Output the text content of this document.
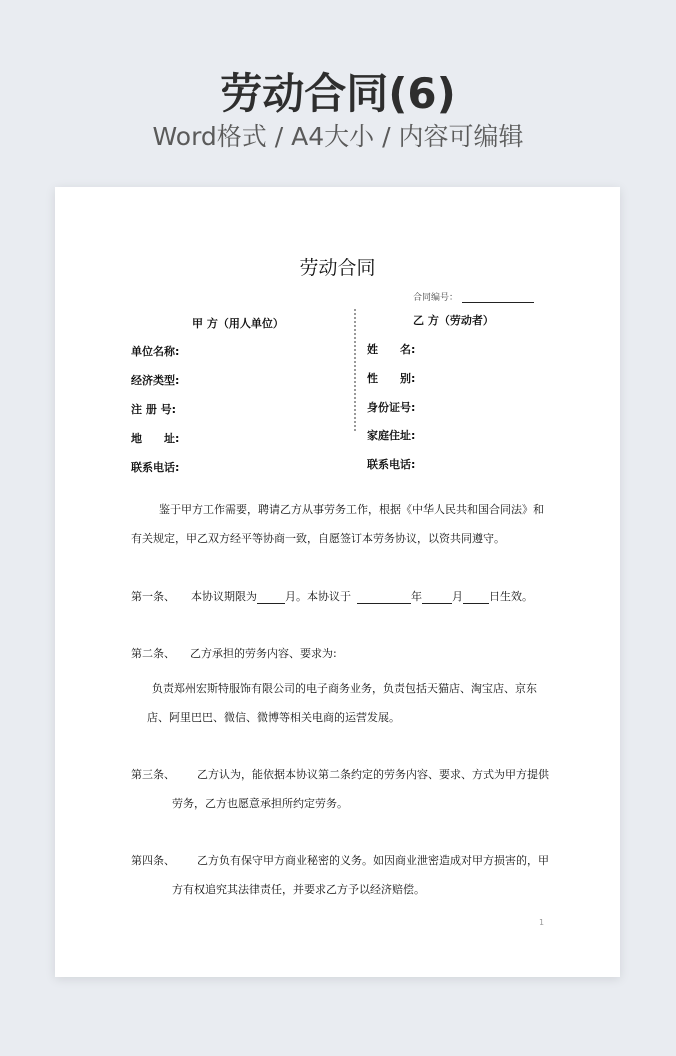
劳动合同(6)
Word格式 / A4大小 / 内容可编辑
劳动合同
合同编号：
甲 方（用人单位）
单位名称:
经济类型:
注 册 号:
地　　址:
联系电话:
乙 方（劳动者）
姓　　名:
性　　别:
身份证号:
家庭住址:
联系电话:
鉴于甲方工作需要，聘请乙方从事劳务工作，根据《中华人民共和国合同法》和
有关规定，甲乙双方经平等协商一致，自愿签订本劳务协议，以资共同遵守。
第一条、 本协议期限为	月。本协议于	年	月 日生效。
第二条、 乙方承担的劳务内容、要求为:
负责郑州宏斯特服饰有限公司的电子商务业务，负责包括天猫店、淘宝店、京东
店、阿里巴巴、微信、微博等相关电商的运营发展。
第三条、 乙方认为，能依据本协议第二条约定的劳务内容、要求、方式为甲方提供
劳务，乙方也愿意承担所约定劳务。
第四条、 乙方负有保守甲方商业秘密的义务。如因商业泄密造成对甲方损害的，甲
方有权追究其法律责任，并要求乙方予以经济赔偿。
1
